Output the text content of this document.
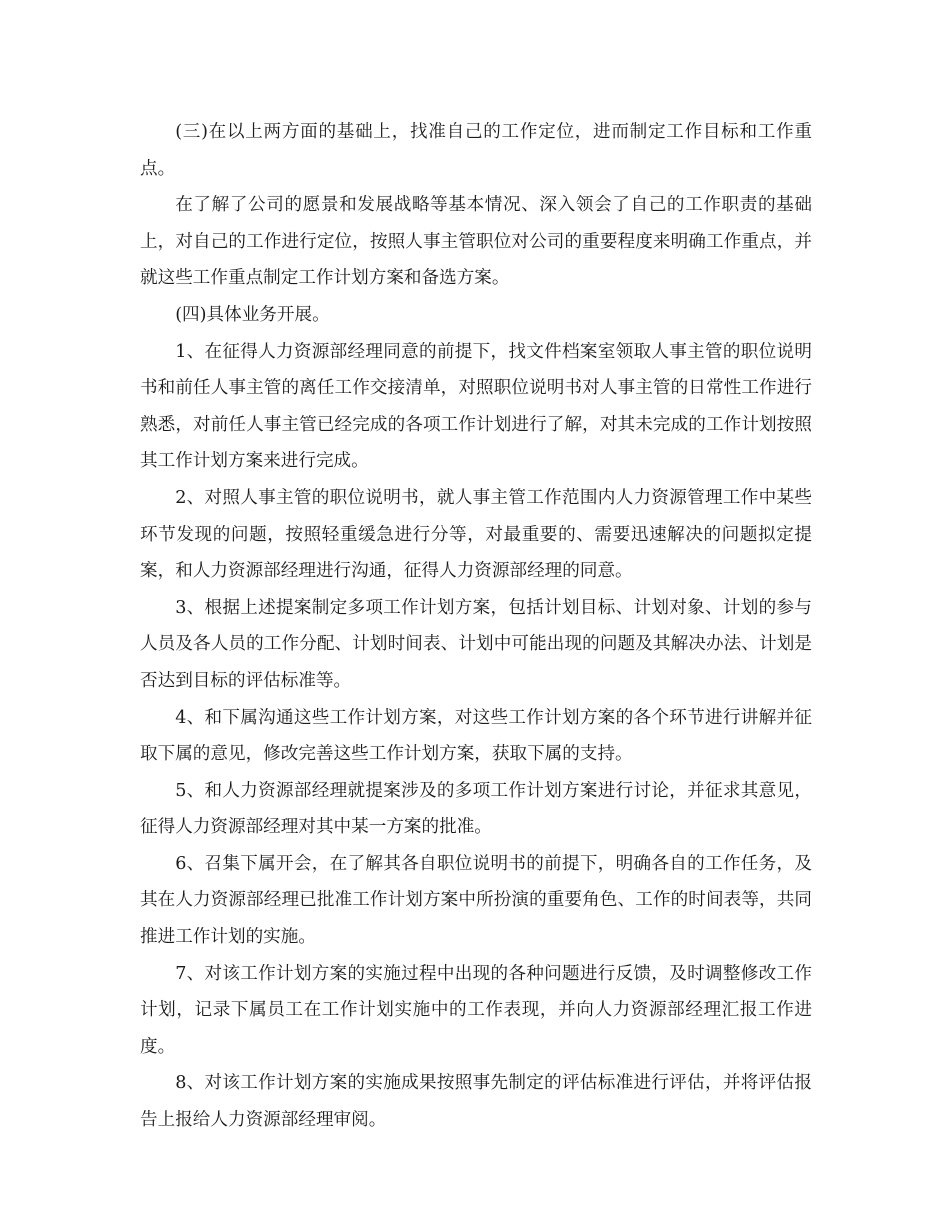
(三)在以上两方面的基础上，找准自己的工作定位，进而制定工作目标和工作重点。

在了解了公司的愿景和发展战略等基本情况、深入领会了自己的工作职责的基础上，对自己的工作进行定位，按照人事主管职位对公司的重要程度来明确工作重点，并就这些工作重点制定工作计划方案和备选方案。

(四)具体业务开展。

1、在征得人力资源部经理同意的前提下，找文件档案室领取人事主管的职位说明书和前任人事主管的离任工作交接清单，对照职位说明书对人事主管的日常性工作进行熟悉，对前任人事主管已经完成的各项工作计划进行了解，对其未完成的工作计划按照其工作计划方案来进行完成。

2、对照人事主管的职位说明书，就人事主管工作范围内人力资源管理工作中某些环节发现的问题，按照轻重缓急进行分等，对最重要的、需要迅速解决的问题拟定提案，和人力资源部经理进行沟通，征得人力资源部经理的同意。

3、根据上述提案制定多项工作计划方案，包括计划目标、计划对象、计划的参与人员及各人员的工作分配、计划时间表、计划中可能出现的问题及其解决办法、计划是否达到目标的评估标准等。

4、和下属沟通这些工作计划方案，对这些工作计划方案的各个环节进行讲解并征取下属的意见，修改完善这些工作计划方案，获取下属的支持。

5、和人力资源部经理就提案涉及的多项工作计划方案进行讨论，并征求其意见，征得人力资源部经理对其中某一方案的批准。

6、召集下属开会，在了解其各自职位说明书的前提下，明确各自的工作任务，及其在人力资源部经理已批准工作计划方案中所扮演的重要角色、工作的时间表等，共同推进工作计划的实施。

7、对该工作计划方案的实施过程中出现的各种问题进行反馈，及时调整修改工作计划，记录下属员工在工作计划实施中的工作表现，并向人力资源部经理汇报工作进度。

8、对该工作计划方案的实施成果按照事先制定的评估标准进行评估，并将评估报告上报给人力资源部经理审阅。
